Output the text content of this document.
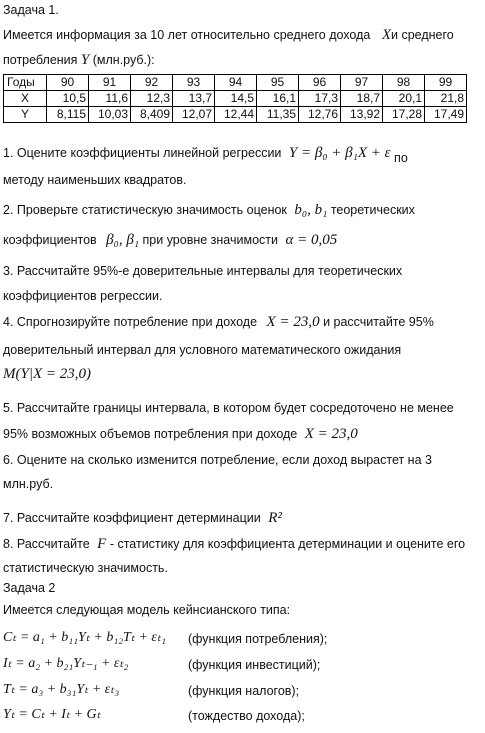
Задача 1.
Имеется информация за 10 лет относительно среднего дохода Xи среднего
потребления Y (млн.руб.):
Годы	90	91	92	93	94	95	96	97	98	99
X	10,5	11,6	12,3	13,7	14,5	16,1	17,3	18,7	20,1	21,8
Y	8,115	10,03	8,409	12,07	12,44	11,35	12,76	13,92	17,28	17,49
1. Оцените коэффициенты линейной регрессии Y = β₀ + β₁X + ε по
методу наименьших квадратов.
2. Проверьте статистическую значимость оценок b₀, b₁ теоретических
коэффициентов β₀, β₁ при уровне значимости α = 0,05
3. Рассчитайте 95%-е доверительные интервалы для теоретических
коэффициентов регрессии.
4. Спрогнозируйте потребление при доходе X = 23,0 и рассчитайте 95%
доверительный интервал для условного математического ожидания
M(Y|X = 23,0)
5. Рассчитайте границы интервала, в котором будет сосредоточено не менее
95% возможных объемов потребления при доходе X = 23,0
6. Оцените на сколько изменится потребление, если доход вырастет на 3
млн.руб.
7. Рассчитайте коэффициент детерминации R²
8. Рассчитайте F - статистику для коэффициента детерминации и оцените его
статистическую значимость.
Задача 2
Имеется следующая модель кейнсианского типа:
Cₜ = a₁ + b₁₁Yₜ + b₁₂Tₜ + εₜ₁ (функция потребления);
Iₜ = a₂ + b₂₁Yₜ₋₁ + εₜ₂	(функция инвестиций);
Tₜ = a₃ + b₃₁Yₜ + εₜ₃	(функция налогов);
Yₜ = Cₜ + Iₜ + Gₜ	(тождество дохода);
